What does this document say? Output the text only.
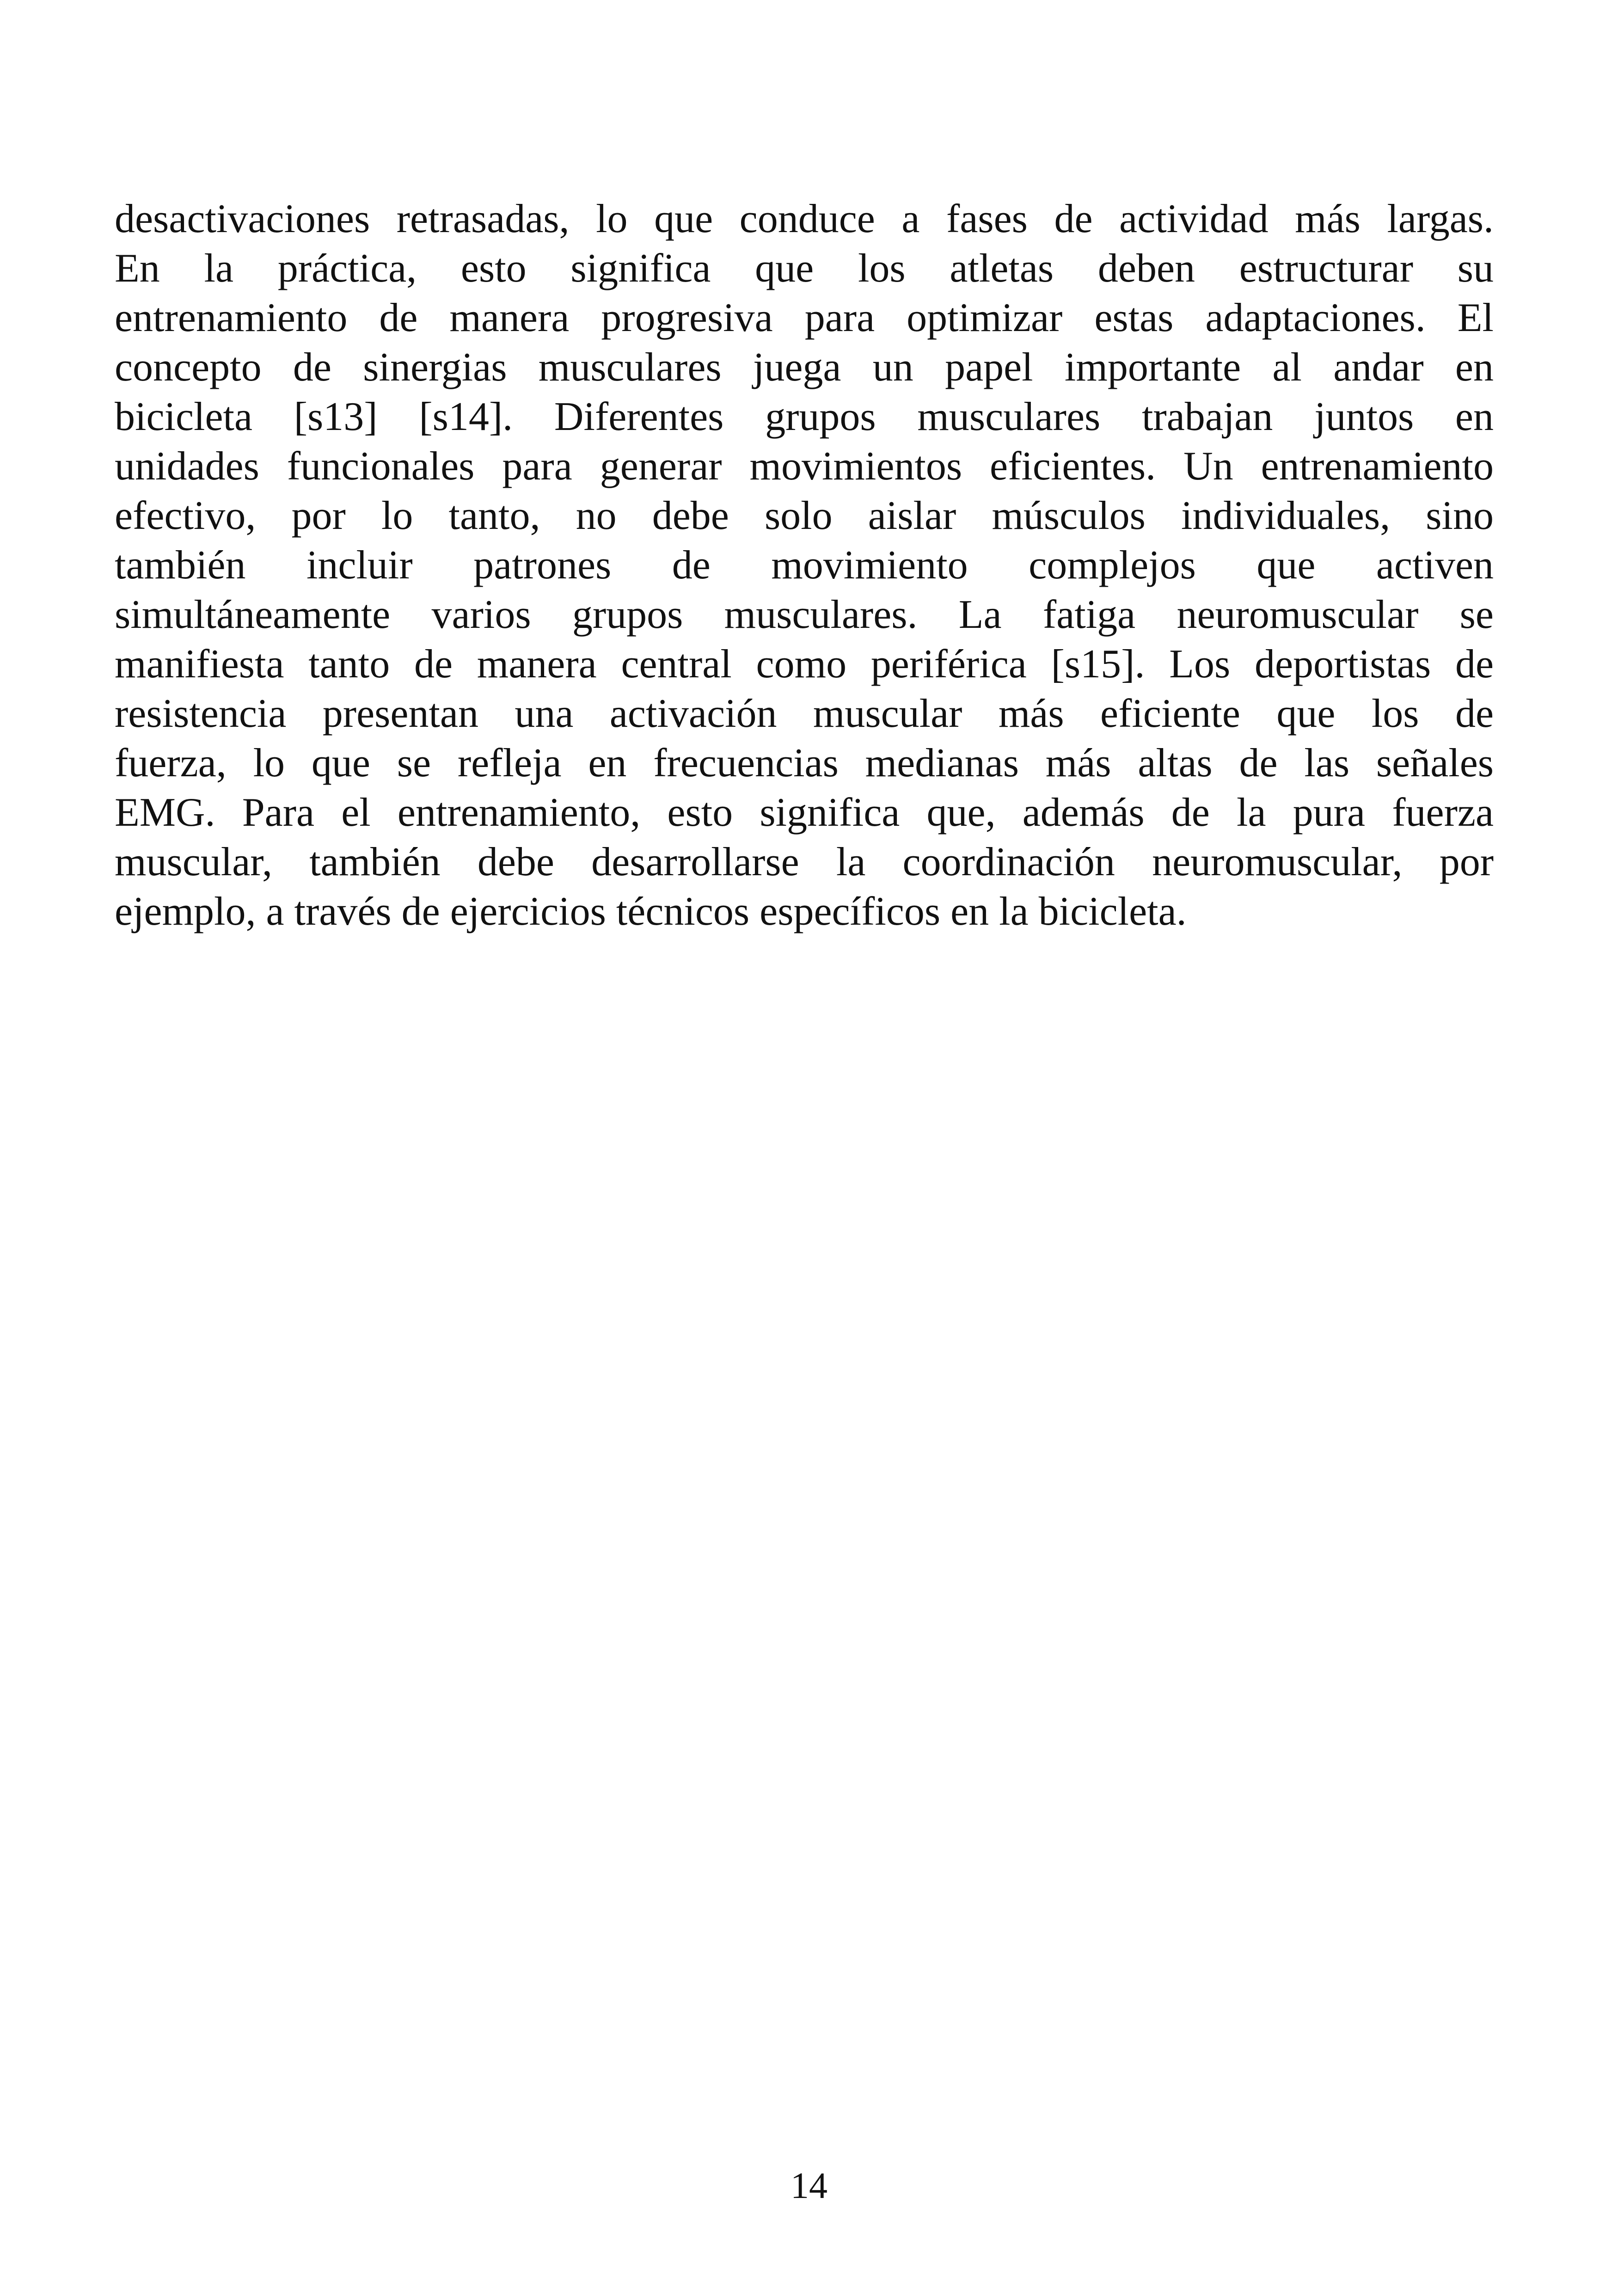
desactivaciones retrasadas, lo que conduce a fases de actividad más largas.
En la práctica, esto significa que los atletas deben estructurar su
entrenamiento de manera progresiva para optimizar estas adaptaciones. El
concepto de sinergias musculares juega un papel importante al andar en
bicicleta [s13] [s14]. Diferentes grupos musculares trabajan juntos en
unidades funcionales para generar movimientos eficientes. Un entrenamiento
efectivo, por lo tanto, no debe solo aislar músculos individuales, sino
también incluir patrones de movimiento complejos que activen
simultáneamente varios grupos musculares. La fatiga neuromuscular se
manifiesta tanto de manera central como periférica [s15]. Los deportistas de
resistencia presentan una activación muscular más eficiente que los de
fuerza, lo que se refleja en frecuencias medianas más altas de las señales
EMG. Para el entrenamiento, esto significa que, además de la pura fuerza
muscular, también debe desarrollarse la coordinación neuromuscular, por
ejemplo, a través de ejercicios técnicos específicos en la bicicleta.
14
